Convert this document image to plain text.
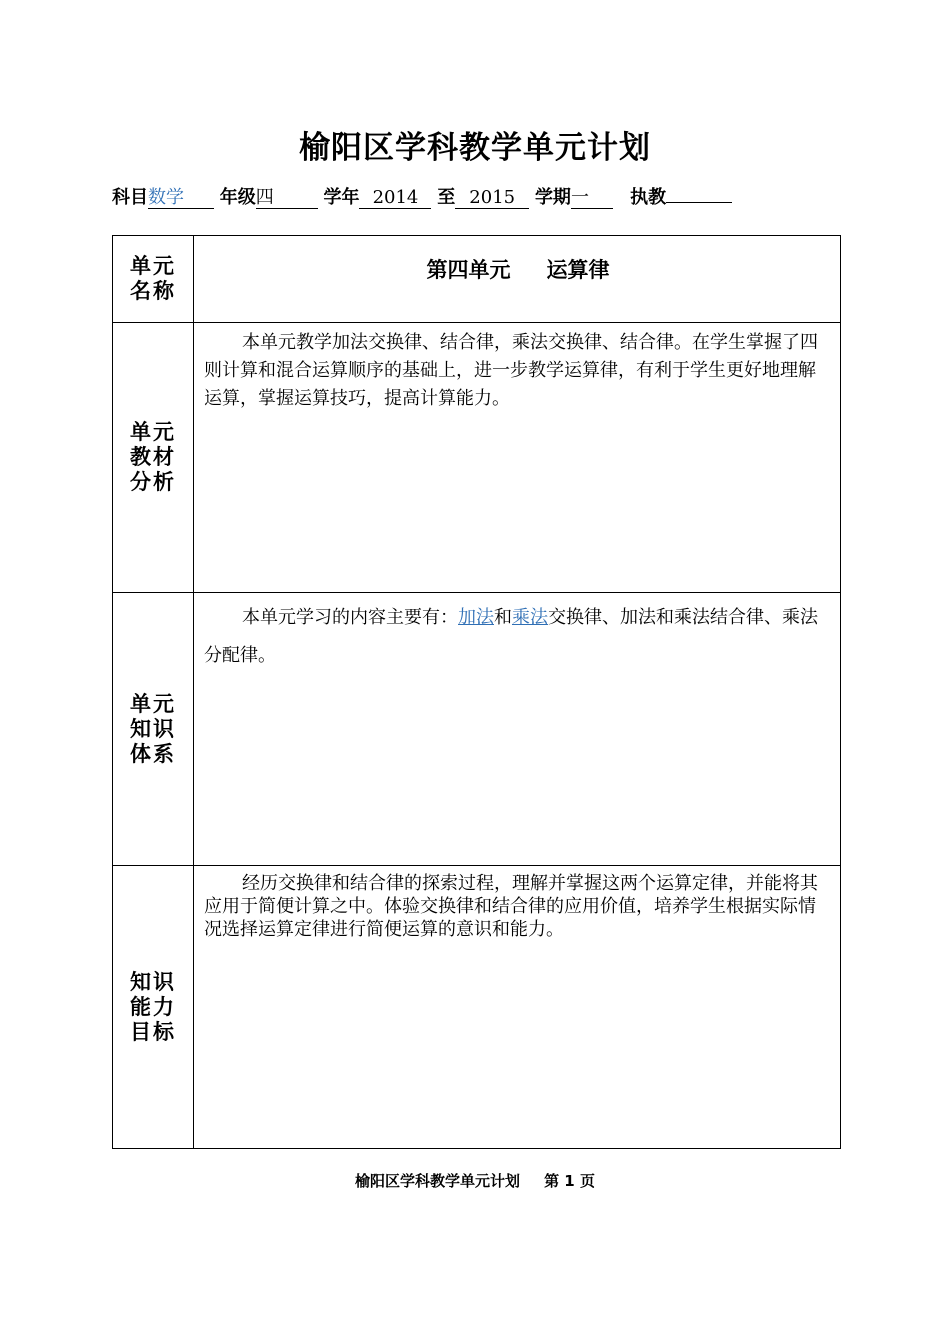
榆阳区学科教学单元计划
科目数学 年级四	学年 2014 至 2015 学期一 执教
单元
名称	第四单元 运算律

单元
教材
分析	本单元教学加法交换律、结合律，乘法交换律、结合律。在学生掌握了四则计算和混合运算顺序的基础上，进一步教学运算律，有利于学生更好地理解运算，掌握运算技巧，提高计算能力。

单元
知识
体系	本单元学习的内容主要有：加法和乘法交换律、加法和乘法结合律、乘法分配律。

知识
能力
目标	经历交换律和结合律的探索过程，理解并掌握这两个运算定律，并能将其应用于简便计算之中。体验交换律和结合律的应用价值，培养学生根据实际情况选择运算定律进行简便运算的意识和能力。
榆阳区学科教学单元计划 第 1 页
